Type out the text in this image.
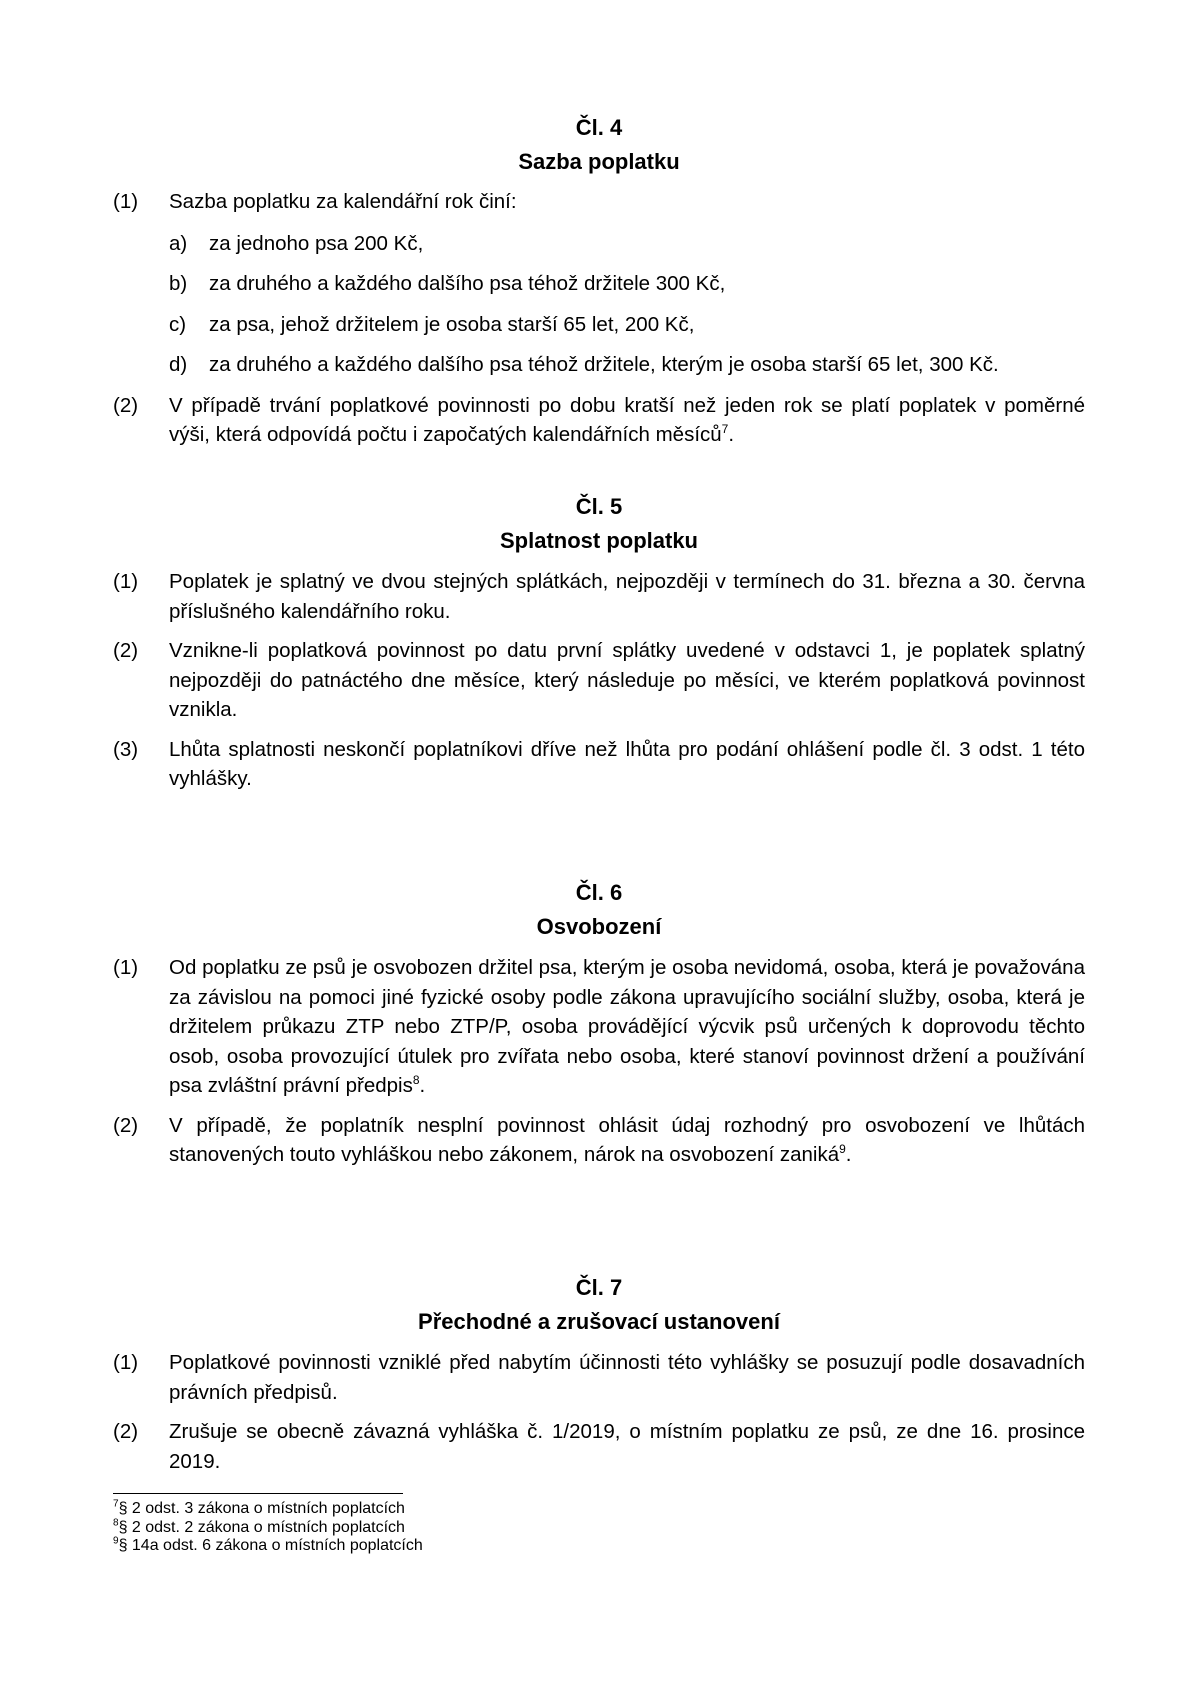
Čl. 4
Sazba poplatku
(1) Sazba poplatku za kalendářní rok činí:
a) za jednoho psa 200 Kč,
b) za druhého a každého dalšího psa téhož držitele 300 Kč,
c) za psa, jehož držitelem je osoba starší 65 let, 200 Kč,
d) za druhého a každého dalšího psa téhož držitele, kterým je osoba starší 65 let, 300 Kč.
(2) V případě trvání poplatkové povinnosti po dobu kratší než jeden rok se platí poplatek v poměrné výši, která odpovídá počtu i započatých kalendářních měsíců$^7$.
Čl. 5
Splatnost poplatku
(1) Poplatek je splatný ve dvou stejných splátkách, nejpozději v termínech do 31. března a 30. června příslušného kalendářního roku.
(2) Vznikne-li poplatková povinnost po datu první splátky uvedené v odstavci 1, je poplatek splatný nejpozději do patnáctého dne měsíce, který následuje po měsíci, ve kterém poplatková povinnost vznikla.
(3) Lhůta splatnosti neskončí poplatníkovi dříve než lhůta pro podání ohlášení podle čl. 3 odst. 1 této vyhlášky.
Čl. 6
Osvobození
(1) Od poplatku ze psů je osvobozen držitel psa, kterým je osoba nevidomá, osoba, která je považována za závislou na pomoci jiné fyzické osoby podle zákona upravujícího sociální služby, osoba, která je držitelem průkazu ZTP nebo ZTP/P, osoba provádějící výcvik psů určených k doprovodu těchto osob, osoba provozující útulek pro zvířata nebo osoba, které stanoví povinnost držení a používání psa zvláštní právní předpis$^8$.
(2) V případě, že poplatník nesplní povinnost ohlásit údaj rozhodný pro osvobození ve lhůtách stanovených touto vyhláškou nebo zákonem, nárok na osvobození zaniká$^9$.
Čl. 7
Přechodné a zrušovací ustanovení
(1) Poplatkové povinnosti vzniklé před nabytím účinnosti této vyhlášky se posuzují podle dosavadních právních předpisů.
(2) Zrušuje se obecně závazná vyhláška č. 1/2019, o místním poplatku ze psů, ze dne 16. prosince 2019.
$^7$§ 2 odst. 3 zákona o místních poplatcích
$^8$§ 2 odst. 2 zákona o místních poplatcích
$^9$§ 14a odst. 6 zákona o místních poplatcích
